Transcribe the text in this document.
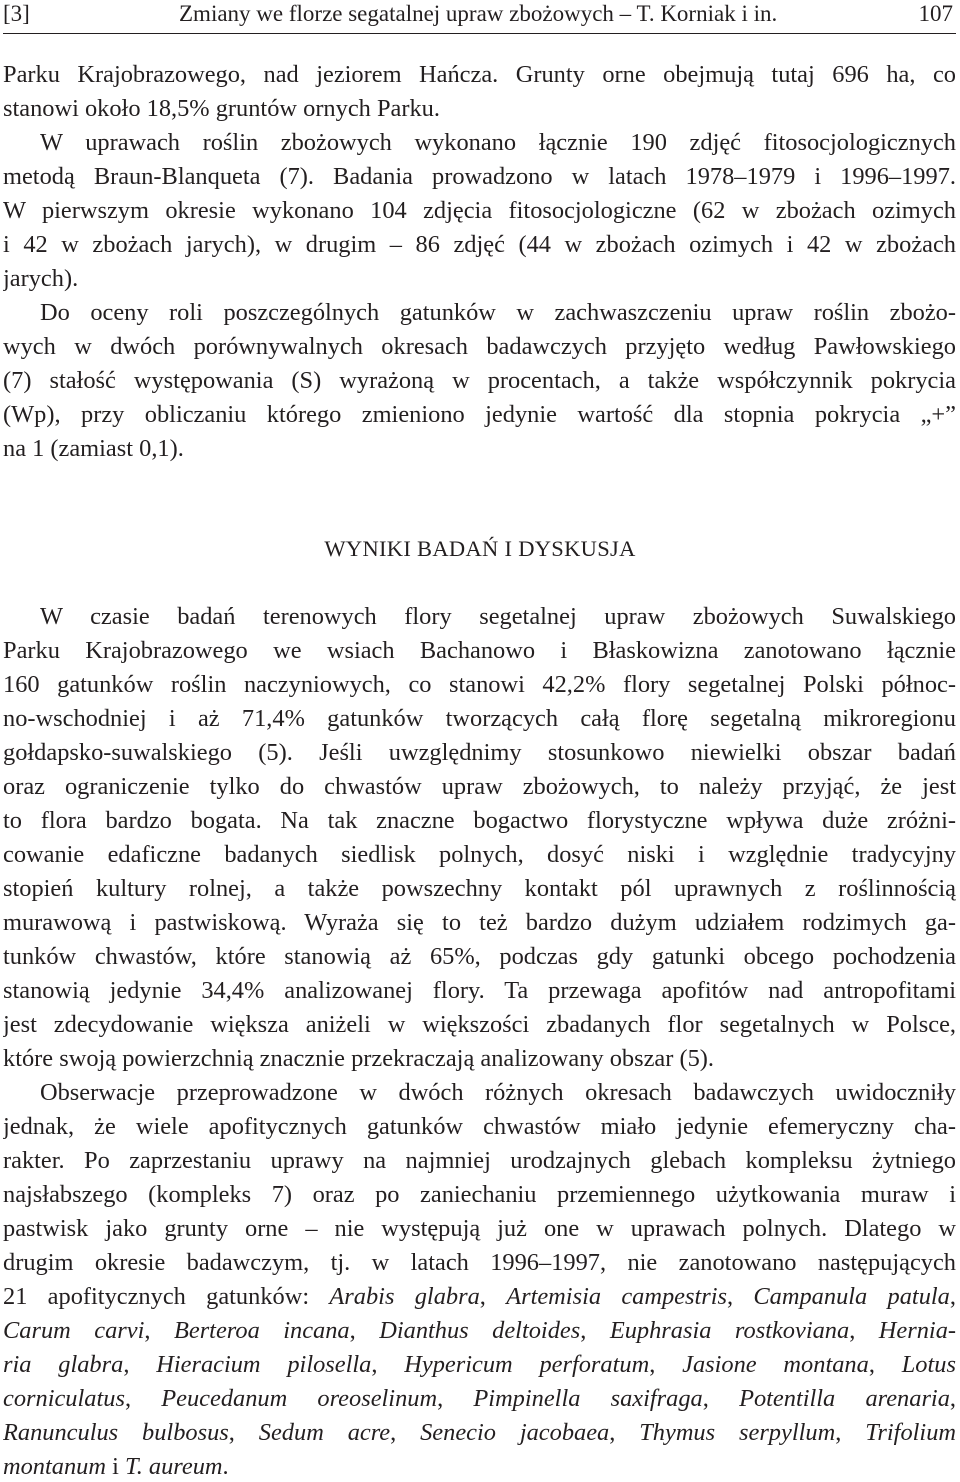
[3]	Zmiany we florze segatalnej upraw zbożowych – T. Korniak i in.	107
Parku Krajobrazowego, nad jeziorem Hańcza. Grunty orne obejmują tutaj 696 ha, co
stanowi około 18,5% gruntów ornych Parku.
W uprawach roślin zbożowych wykonano łącznie 190 zdjęć fitosocjologicznych
metodą Braun-Blanqueta (7). Badania prowadzono w latach 1978–1979 i 1996–1997.
W pierwszym okresie wykonano 104 zdjęcia fitosocjologiczne (62 w zbożach ozimych
i 42 w zbożach jarych), w drugim – 86 zdjęć (44 w zbożach ozimych i 42 w zbożach
jarych).
Do oceny roli poszczególnych gatunków w zachwaszczeniu upraw roślin zbożo-
wych w dwóch porównywalnych okresach badawczych przyjęto według Pawłowskiego
(7) stałość występowania (S) wyrażoną w procentach, a także współczynnik pokrycia
(Wp), przy obliczaniu którego zmieniono jedynie wartość dla stopnia pokrycia „+”
na 1 (zamiast 0,1).
WYNIKI BADAŃ I DYSKUSJA
W czasie badań terenowych flory segetalnej upraw zbożowych Suwalskiego
Parku Krajobrazowego we wsiach Bachanowo i Błaskowizna zanotowano łącznie
160 gatunków roślin naczyniowych, co stanowi 42,2% flory segetalnej Polski północ-
no-wschodniej i aż 71,4% gatunków tworzących całą florę segetalną mikroregionu
gołdapsko-suwalskiego (5). Jeśli uwzględnimy stosunkowo niewielki obszar badań
oraz ograniczenie tylko do chwastów upraw zbożowych, to należy przyjąć, że jest
to flora bardzo bogata. Na tak znaczne bogactwo florystyczne wpływa duże zróżni-
cowanie edaficzne badanych siedlisk polnych, dosyć niski i względnie tradycyjny
stopień kultury rolnej, a także powszechny kontakt pól uprawnych z roślinnością
murawową i pastwiskową. Wyraża się to też bardzo dużym udziałem rodzimych ga-
tunków chwastów, które stanowią aż 65%, podczas gdy gatunki obcego pochodzenia
stanowią jedynie 34,4% analizowanej flory. Ta przewaga apofitów nad antropofitami
jest zdecydowanie większa aniżeli w większości zbadanych flor segetalnych w Polsce,
które swoją powierzchnią znacznie przekraczają analizowany obszar (5).
Obserwacje przeprowadzone w dwóch różnych okresach badawczych uwidoczniły
jednak, że wiele apofitycznych gatunków chwastów miało jedynie efemeryczny cha-
rakter. Po zaprzestaniu uprawy na najmniej urodzajnych glebach kompleksu żytniego
najsłabszego (kompleks 7) oraz po zaniechaniu przemiennego użytkowania muraw i
pastwisk jako grunty orne – nie występują już one w uprawach polnych. Dlatego w
drugim okresie badawczym, tj. w latach 1996–1997, nie zanotowano następujących
21 apofitycznych gatunków: Arabis glabra, Artemisia campestris, Campanula patula,
Carum carvi, Berteroa incana, Dianthus deltoides, Euphrasia rostkoviana, Hernia-
ria glabra, Hieracium pilosella, Hypericum perforatum, Jasione montana, Lotus
corniculatus, Peucedanum oreoselinum, Pimpinella saxifraga, Potentilla arenaria,
Ranunculus bulbosus, Sedum acre, Senecio jacobaea, Thymus serpyllum, Trifolium
montanum i T. aureum.
